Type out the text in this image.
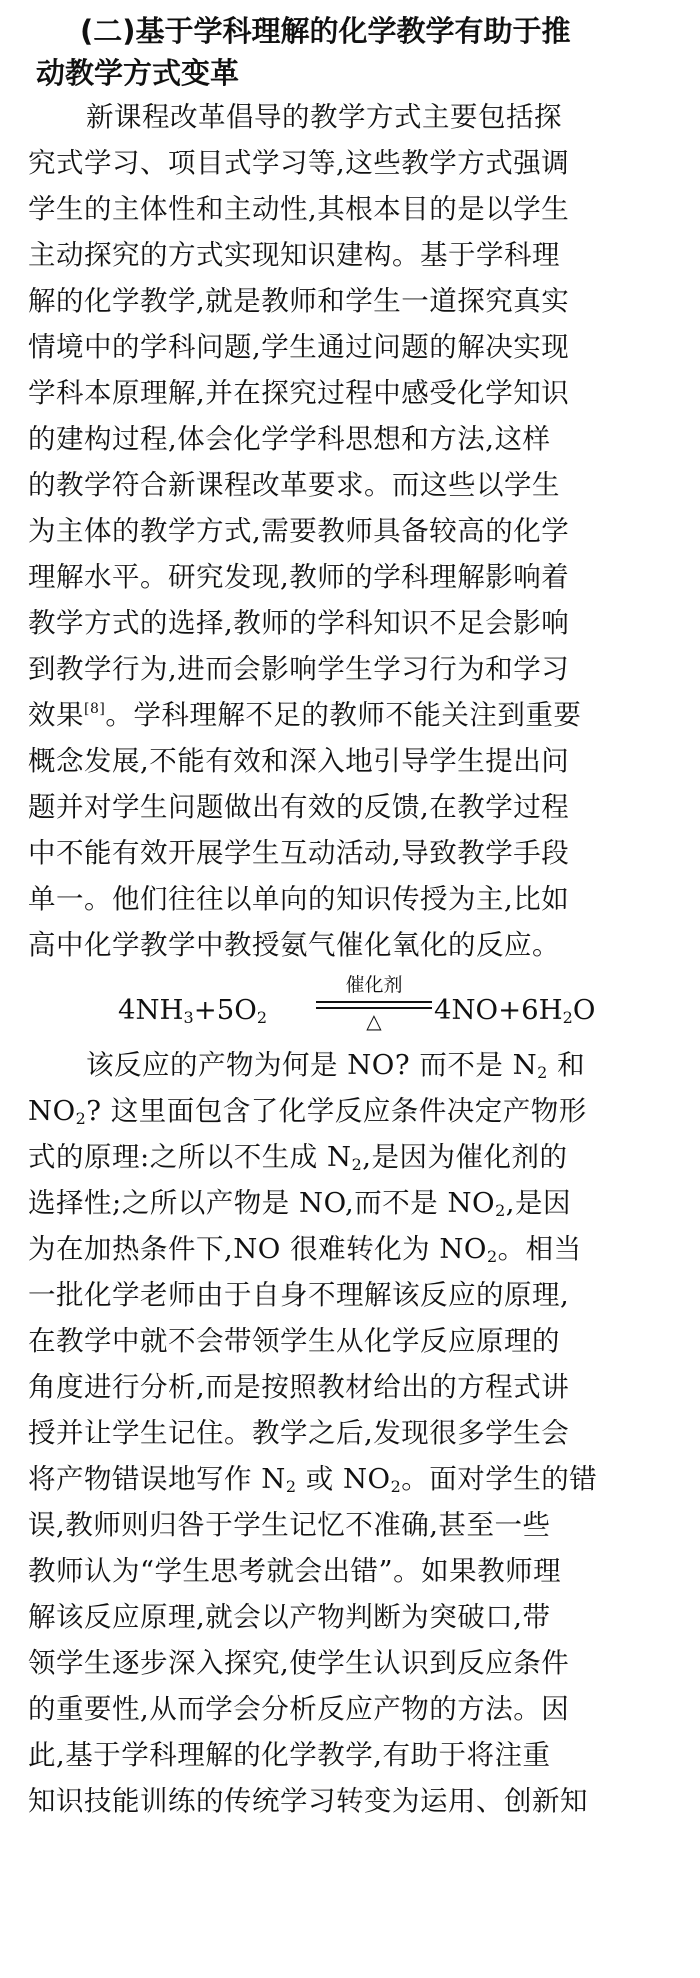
(二)基于学科理解的化学教学有助于推
动教学方式变革

新课程改革倡导的教学方式主要包括探
究式学习、项目式学习等,这些教学方式强调
学生的主体性和主动性,其根本目的是以学生
主动探究的方式实现知识建构。基于学科理
解的化学教学,就是教师和学生一道探究真实
情境中的学科问题,学生通过问题的解决实现
学科本原理解,并在探究过程中感受化学知识
的建构过程,体会化学学科思想和方法,这样
的教学符合新课程改革要求。而这些以学生
为主体的教学方式,需要教师具备较高的化学
理解水平。研究发现,教师的学科理解影响着
教学方式的选择,教师的学科知识不足会影响
到教学行为,进而会影响学生学习行为和学习
效果[8]。学科理解不足的教师不能关注到重要
概念发展,不能有效和深入地引导学生提出问
题并对学生问题做出有效的反馈,在教学过程
中不能有效开展学生互动活动,导致教学手段
单一。他们往往以单向的知识传授为主,比如
高中化学教学中教授氨气催化氧化的反应。

$4NH_3+5O_2$
催化剂
△	$4NO+6H_2O$

该反应的产物为何是 NO? 而不是 $N_2$ 和
$NO_2$? 这里面包含了化学反应条件决定产物形
式的原理:之所以不生成 $N_2$,是因为催化剂的
选择性;之所以产物是 NO,而不是 $NO_2$,是因
为在加热条件下,NO 很难转化为 $NO_2$。相当
一批化学老师由于自身不理解该反应的原理,
在教学中就不会带领学生从化学反应原理的
角度进行分析,而是按照教材给出的方程式讲
授并让学生记住。教学之后,发现很多学生会
将产物错误地写作 $N_2$ 或 $NO_2$。面对学生的错
误,教师则归咎于学生记忆不准确,甚至一些
教师认为“学生思考就会出错”。如果教师理
解该反应原理,就会以产物判断为突破口,带
领学生逐步深入探究,使学生认识到反应条件
的重要性,从而学会分析反应产物的方法。因
此,基于学科理解的化学教学,有助于将注重
知识技能训练的传统学习转变为运用、创新知
